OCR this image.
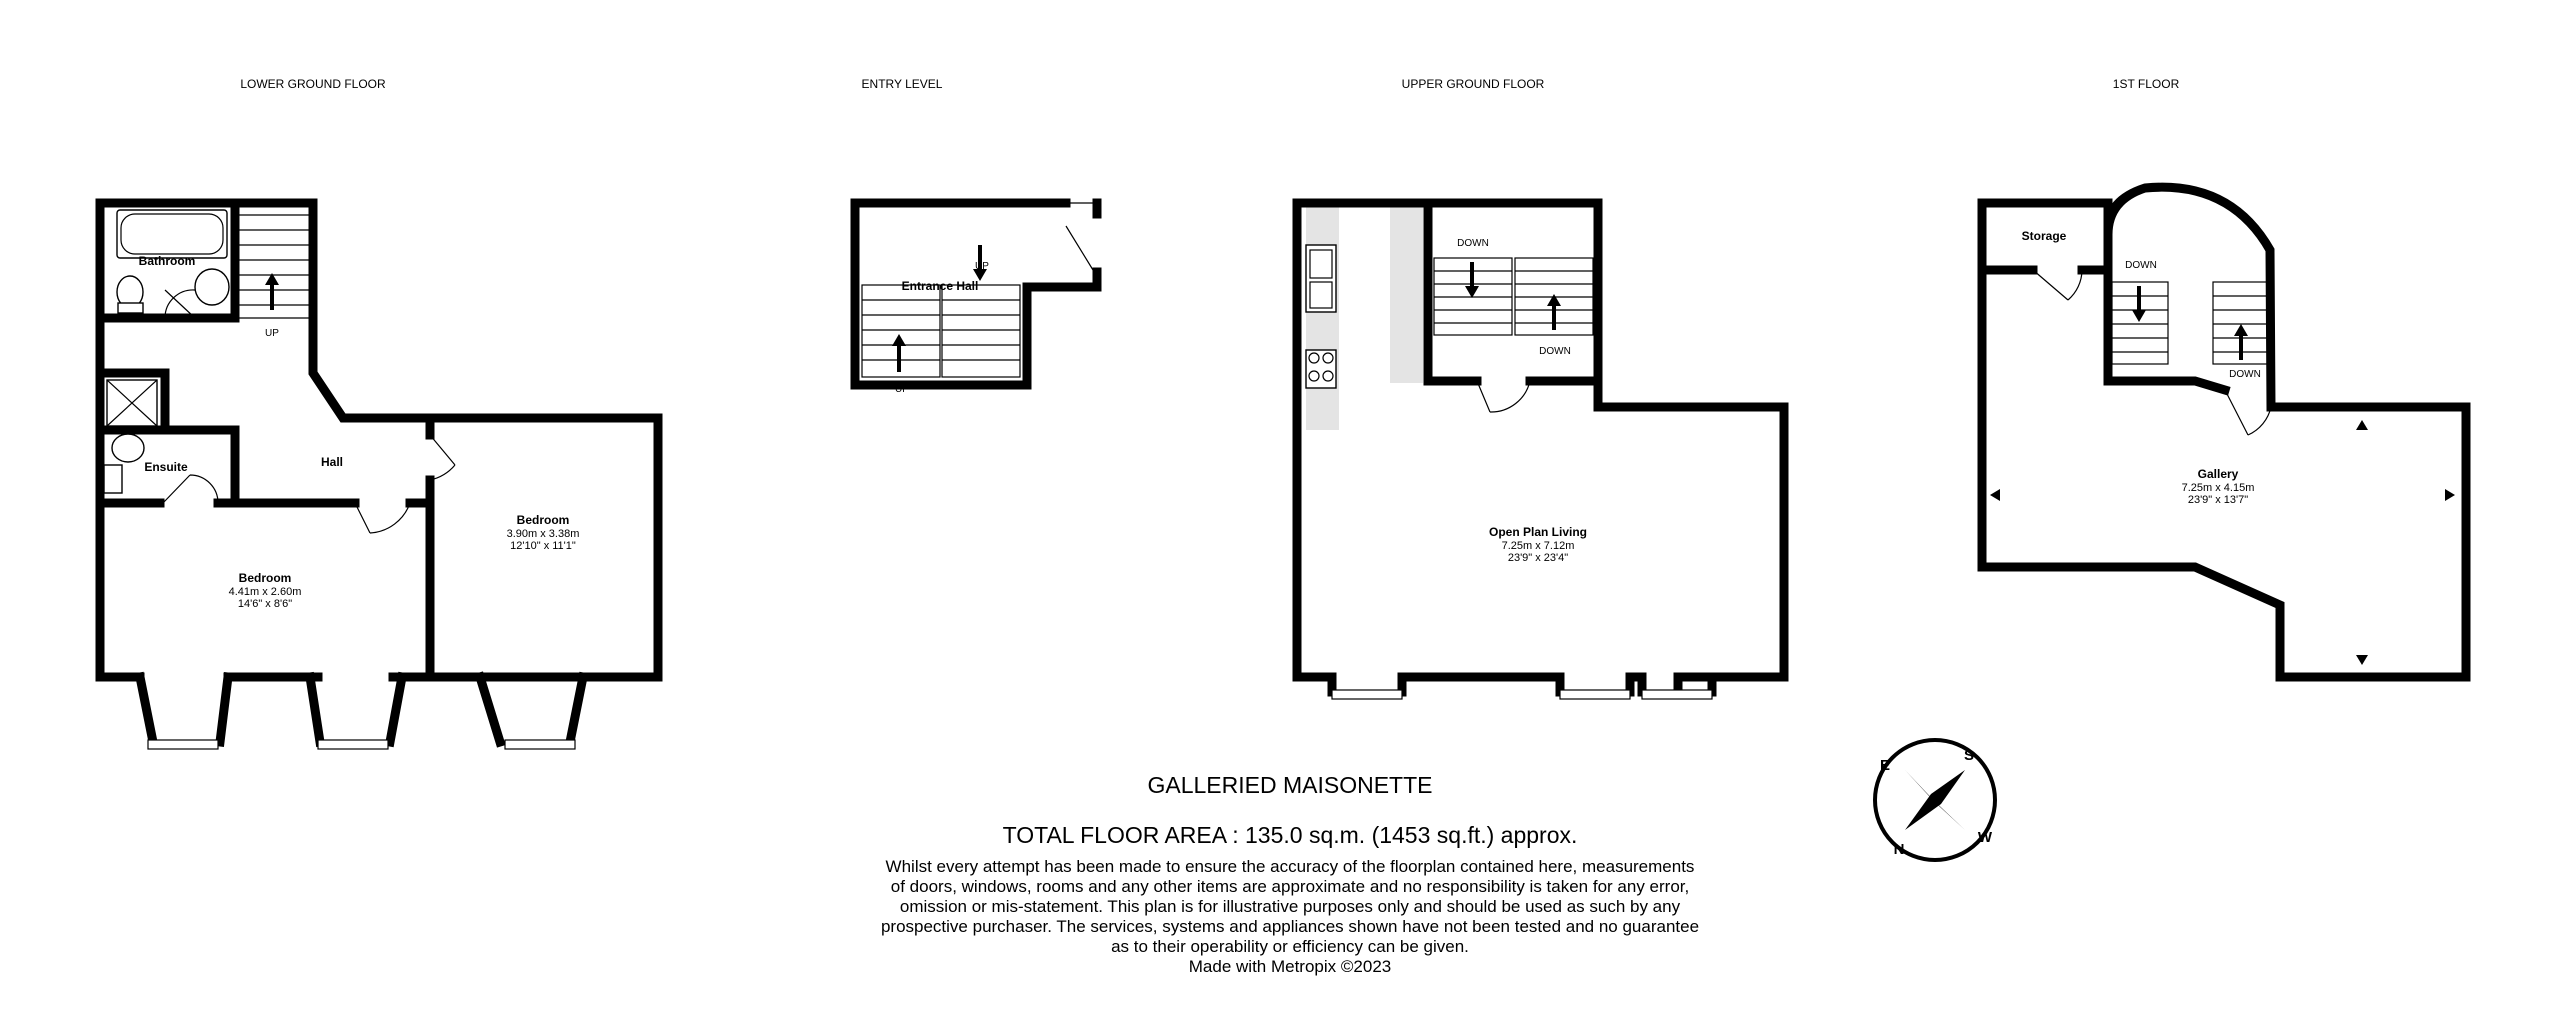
LOWER GROUND FLOOR
UP
Bathroom
Ensuite	Hall
Bedroom
4.41m x 2.60m
14'6" x 8'6"
Bedroom
3.90m x 3.38m
12'10" x 11'1"
ENTRY LEVEL
UP
UP
Entrance Hall
UPPER GROUND FLOOR
DOWN
DOWN
Open Plan Living
7.25m x 7.12m
23'9" x 23'4"
1ST FLOOR
DOWN
DOWN
Storage
Gallery
7.25m x 4.15m
23'9" x 13'7"
S
W
N
E
GALLERIED MAISONETTE
TOTAL FLOOR AREA : 135.0 sq.m. (1453 sq.ft.) approx.
Whilst every attempt has been made to ensure the accuracy of the floorplan contained here, measurements
of doors, windows, rooms and any other items are approximate and no responsibility is taken for any error,
omission or mis-statement. This plan is for illustrative purposes only and should be used as such by any
prospective purchaser. The services, systems and appliances shown have not been tested and no guarantee
as to their operability or efficiency can be given.
Made with Metropix ©2023
